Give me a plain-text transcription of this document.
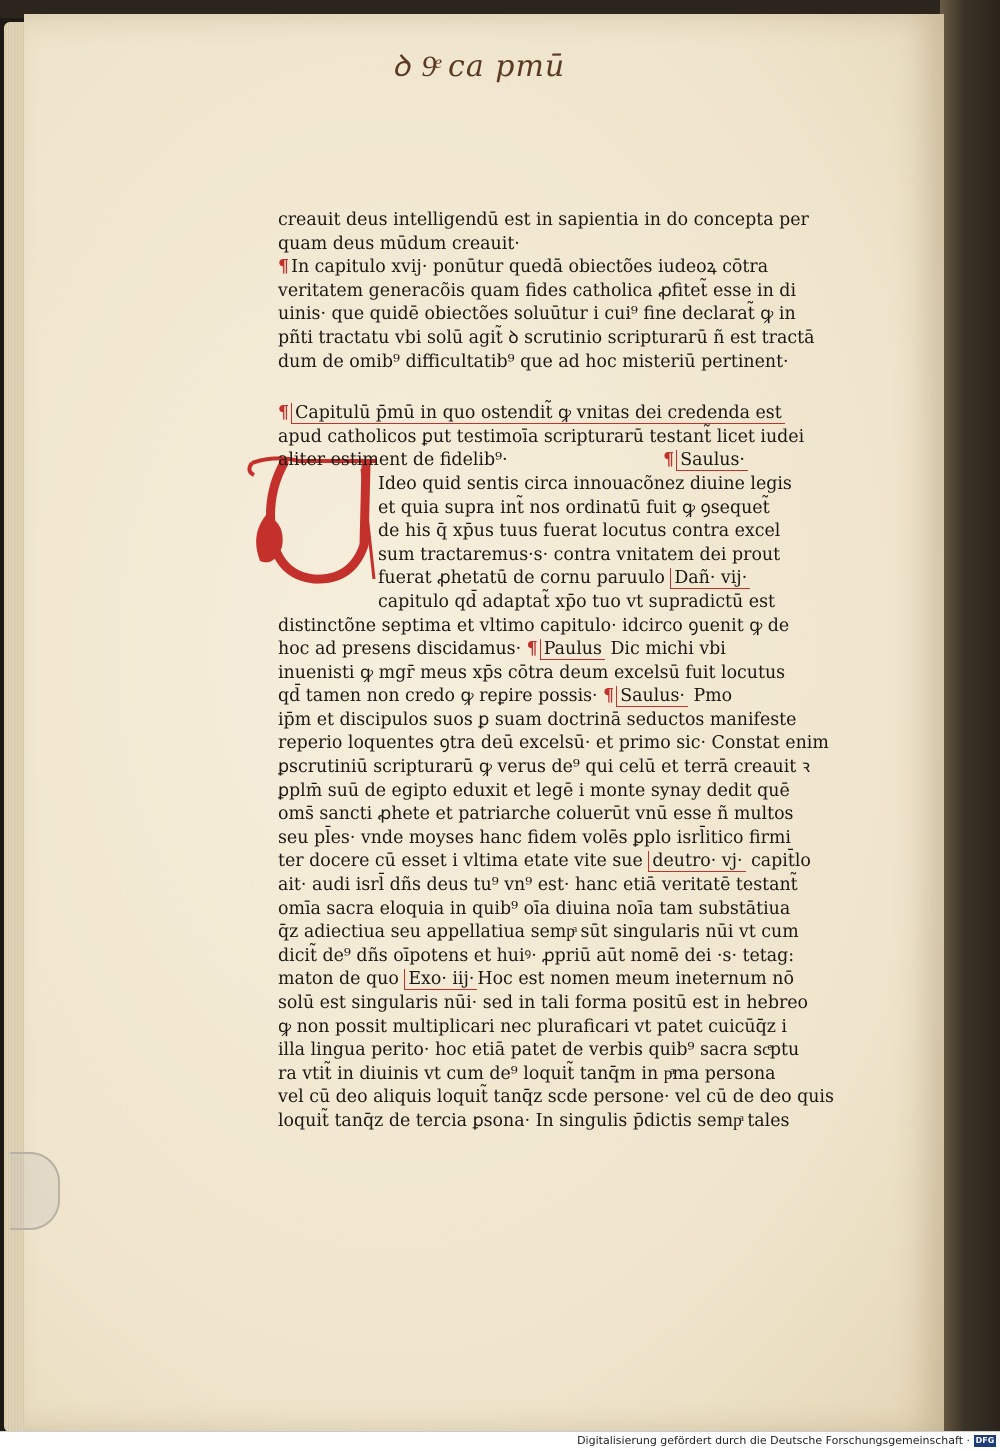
ꝺ 9ͤ ca pmū
creauit deus intelligendū est in sapientia in do concepta per
quam deus mūdum creauit·
¶ In capitulo xvij· ponūtur quedā obiectões iudeoꝝ cōtra
veritatem generacõis quam fides catholica ꝓfitet̃ esse in di
uinis· que quidē obiectões soluūtur i cui⁹ fine declarat̃ ꝙ in
pñti tractatu vbi solū agit̃ ꝺ scrutinio scripturarū ñ est tractā
dum de omib⁹ difficultatib⁹ que ad hoc misteriū pertinent·
¶ Capitulū p̄mū in quo ostendit̃ ꝙ vnitas dei credenda est
apud catholicos ꝑut testimoīa scripturarū testant̃ licet iudei
aliter estiment de fidelib⁹·	¶ Saulus·
Ideo quid sentis circa innouacõnez diuine legis
et quia supra int̃ nos ordinatū fuit ꝙ ꝯsequet̃
de his q̄ xp̄us tuus fuerat locutus contra excel
sum tractaremus·s· contra vnitatem dei prout
fuerat ꝓhetatū de cornu paruulo Dañ· vij·
capitulo qd̄ adaptat̃ xp̄o tuo vt supradictū est
distinctõne septima et vltimo capitulo· idcirco ꝯuenit ꝙ de
hoc ad presens discidamus· ¶ Paulus Dic michi vbi
inuenisti ꝙ mgr̄ meus xp̄s cōtra deum excelsū fuit locutus
qd̄ tamen non credo ꝙ reꝑire possis· ¶ Saulus· Pmo
ip̄m et discipulos suos ꝑ suam doctrinā seductos manifeste
reperio loquentes ꝯtra deū excelsū· et primo sic· Constat enim
ꝑscrutiniū scripturarū ꝙ verus de⁹ qui celū et terrā creauit ꝛ
ꝑplm̄ suū de egipto eduxit et legē i monte synay dedit quē
oms̄ sancti ꝓhete et patriarche coluerūt vnū esse ñ multos
seu pl̄es· vnde moyses hanc fidem volēs ꝑplo isrl̄itico firmi
ter docere cū esset i vltima etate vite sue deutro· vj· capit̄lo
ait· audi isrl̄ dñs deus tu⁹ vn⁹ est· hanc etiā veritatē testant̃
omīa sacra eloquia in quib⁹ oīa diuina noīa tam substātiua
q̄z adiectiua seu appellatiua sempͣ sūt singularis nūi vt cum
dicit̃ de⁹ dñs oīpotens et huiꝰ· ꝓpriū aūt nomē dei ·s· tetag:
maton de quo Exo· iij· Hoc est nomen meum ineternum nō
solū est singularis nūi· sed in tali forma positū est in hebreo
ꝙ non possit multiplicari nec pluraficari vt patet cuicūq̄z i
illa lingua perito· hoc etiā patet de verbis quib⁹ sacra scͤptu
ra vtit̃ in diuinis vt cum de⁹ loquit̃ tanq̄m in pͣma persona
vel cū deo aliquis loquit̃ tanq̄z scde persone· vel cū de deo quis
loquit̃ tanq̄z de tercia ꝑsona· In singulis p̄dictis sempͣ tales
Digitalisierung gefördert durch die Deutsche Forschungsgemeinschaft · DFG
